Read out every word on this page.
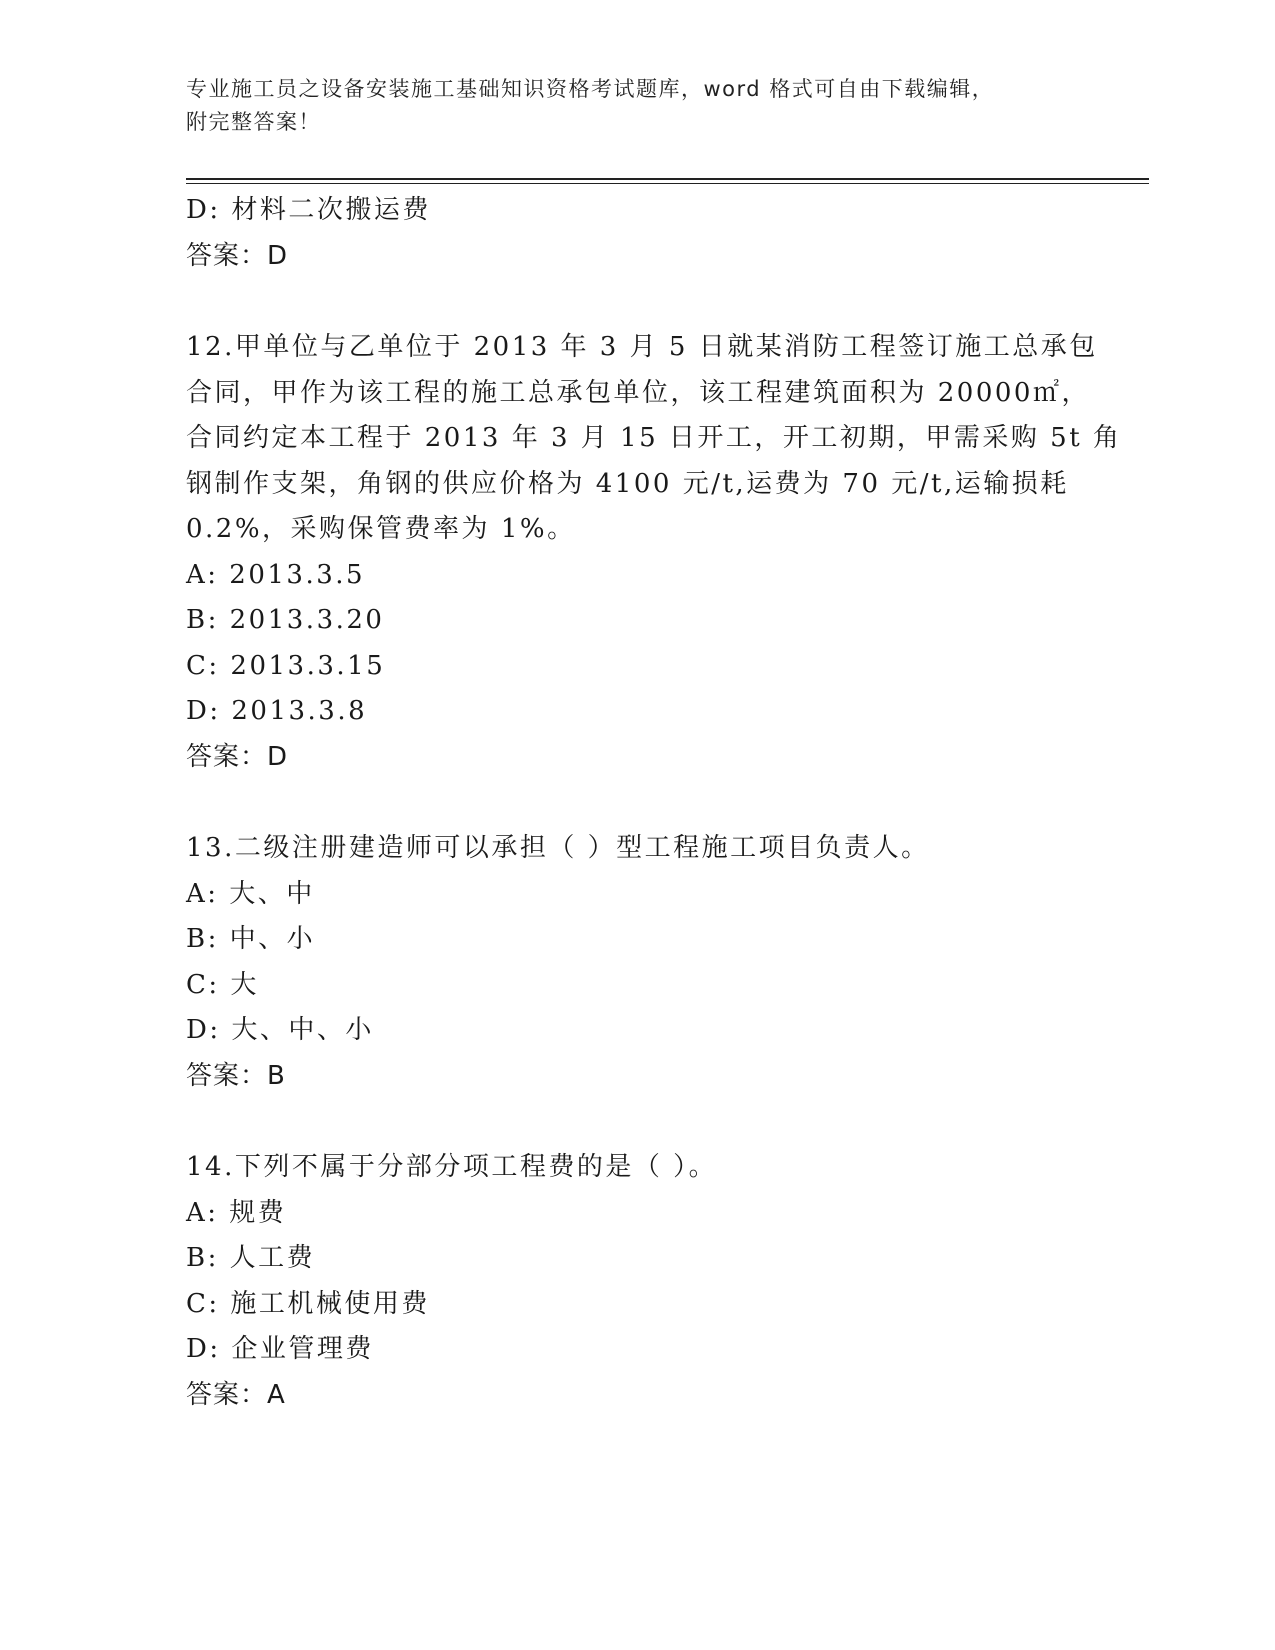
专业施工员之设备安装施工基础知识资格考试题库，word 格式可自由下载编辑，
附完整答案！
D: 材料二次搬运费
答案：D
12.甲单位与乙单位于 2013 年 3 月 5 日就某消防工程签订施工总承包
合同，甲作为该工程的施工总承包单位，该工程建筑面积为 20000㎡，
合同约定本工程于 2013 年 3 月 15 日开工，开工初期，甲需采购 5t 角
钢制作支架，角钢的供应价格为 4100 元/t,运费为 70 元/t,运输损耗
0.2%，采购保管费率为 1%。
A: 2013.3.5
B: 2013.3.20
C: 2013.3.15
D: 2013.3.8
答案：D
13.二级注册建造师可以承担（ ）型工程施工项目负责人。
A: 大、中
B: 中、小
C: 大
D: 大、中、小
答案：B
14.下列不属于分部分项工程费的是（ ）。
A: 规费
B: 人工费
C: 施工机械使用费
D: 企业管理费
答案：A
